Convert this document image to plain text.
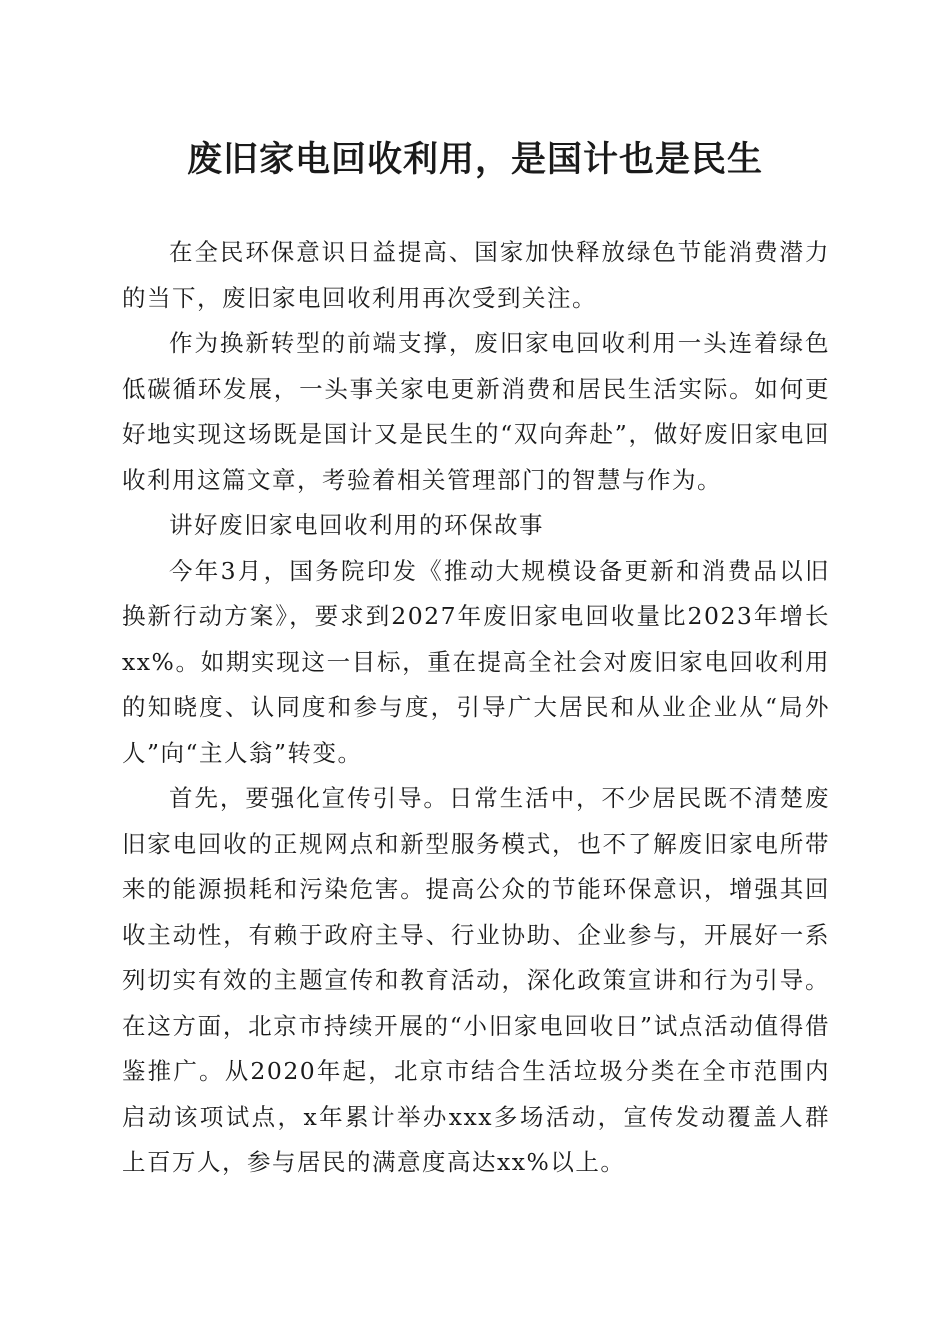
废旧家电回收利用，是国计也是民生

在全民环保意识日益提高、国家加快释放绿色节能消费潜力的当下，废旧家电回收利用再次受到关注。

作为换新转型的前端支撑，废旧家电回收利用一头连着绿色低碳循环发展，一头事关家电更新消费和居民生活实际。如何更好地实现这场既是国计又是民生的“双向奔赴”，做好废旧家电回收利用这篇文章，考验着相关管理部门的智慧与作为。

讲好废旧家电回收利用的环保故事

今年3月，国务院印发《推动大规模设备更新和消费品以旧换新行动方案》，要求到2027年废旧家电回收量比2023年增长xx%。如期实现这一目标，重在提高全社会对废旧家电回收利用的知晓度、认同度和参与度，引导广大居民和从业企业从“局外人”向“主人翁”转变。

首先，要强化宣传引导。日常生活中，不少居民既不清楚废旧家电回收的正规网点和新型服务模式，也不了解废旧家电所带来的能源损耗和污染危害。提高公众的节能环保意识，增强其回收主动性，有赖于政府主导、行业协助、企业参与，开展好一系列切实有效的主题宣传和教育活动，深化政策宣讲和行为引导。在这方面，北京市持续开展的“小旧家电回收日”试点活动值得借鉴推广。从2020年起，北京市结合生活垃圾分类在全市范围内启动该项试点，x年累计举办xxx多场活动，宣传发动覆盖人群上百万人，参与居民的满意度高达xx%以上。
